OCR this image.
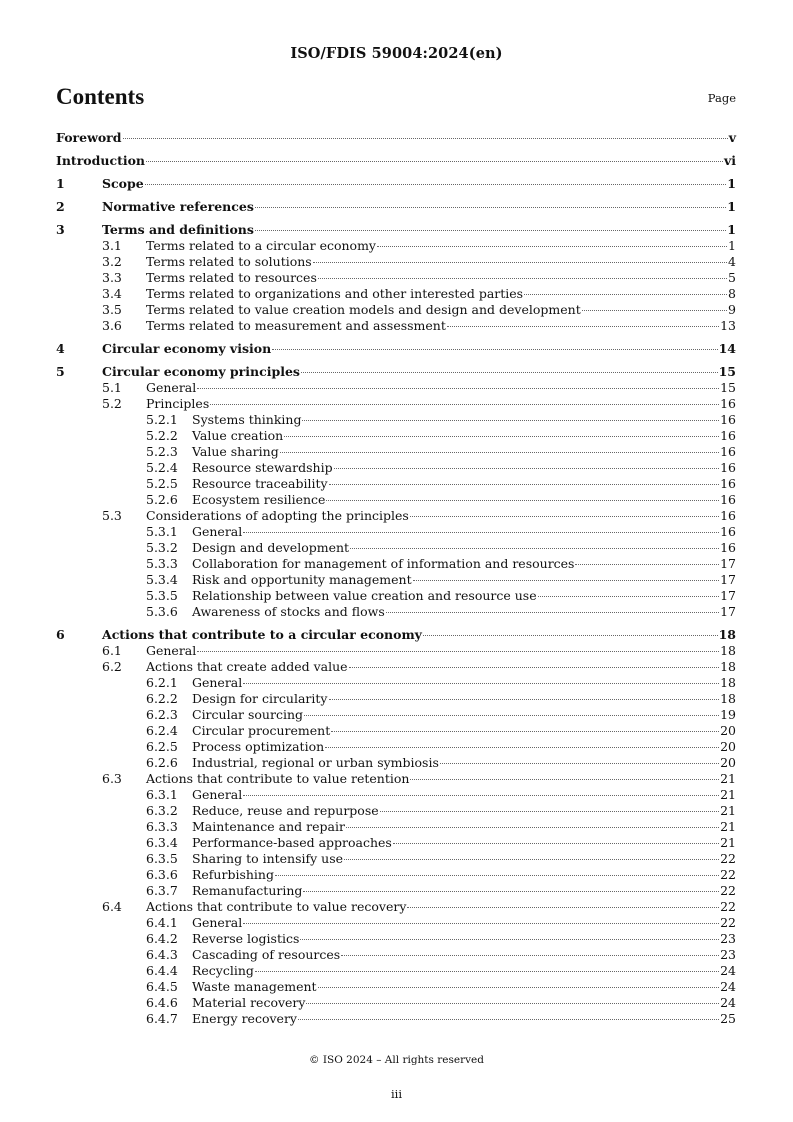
ISO/FDIS 59004:2024(en)
Contents	Page
Foreword	v
Introduction	vi
1	Scope	1
2	Normative references	1
3	Terms and definitions	1
3.1	Terms related to a circular economy	1
3.2	Terms related to solutions	4
3.3	Terms related to resources	5
3.4	Terms related to organizations and other interested parties	8
3.5	Terms related to value creation models and design and development	9
3.6	Terms related to measurement and assessment	13
4	Circular economy vision	14
5	Circular economy principles	15
5.1	General	15
5.2	Principles	16
5.2.1	Systems thinking	16
5.2.2	Value creation	16
5.2.3	Value sharing	16
5.2.4	Resource stewardship	16
5.2.5	Resource traceability	16
5.2.6	Ecosystem resilience	16
5.3	Considerations of adopting the principles	16
5.3.1	General	16
5.3.2	Design and development	16
5.3.3	Collaboration for management of information and resources	17
5.3.4	Risk and opportunity management	17
5.3.5	Relationship between value creation and resource use	17
5.3.6	Awareness of stocks and flows	17
6	Actions that contribute to a circular economy	18
6.1	General	18
6.2	Actions that create added value	18
6.2.1	General	18
6.2.2	Design for circularity	18
6.2.3	Circular sourcing	19
6.2.4	Circular procurement	20
6.2.5	Process optimization	20
6.2.6	Industrial, regional or urban symbiosis	20
6.3	Actions that contribute to value retention	21
6.3.1	General	21
6.3.2	Reduce, reuse and repurpose	21
6.3.3	Maintenance and repair	21
6.3.4	Performance-based approaches	21
6.3.5	Sharing to intensify use	22
6.3.6	Refurbishing	22
6.3.7	Remanufacturing	22
6.4	Actions that contribute to value recovery	22
6.4.1	General	22
6.4.2	Reverse logistics	23
6.4.3	Cascading of resources	23
6.4.4	Recycling	24
6.4.5	Waste management	24
6.4.6	Material recovery	24
6.4.7	Energy recovery	25
© ISO 2024 – All rights reserved
iii
